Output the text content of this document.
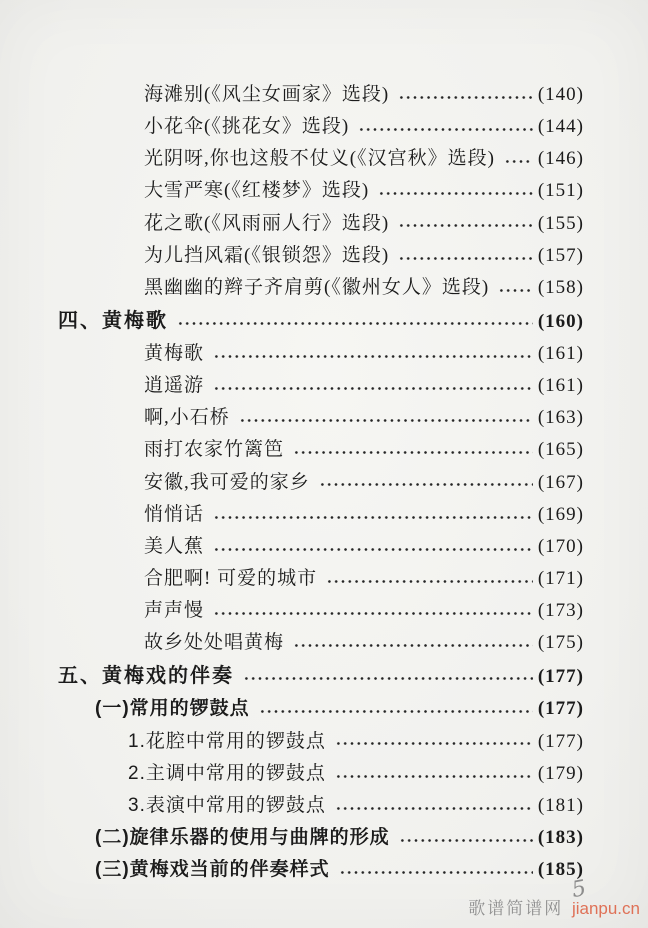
海滩别(《风尘女画家》选段)	(140)
小花伞(《挑花女》选段)	(144)
光阴呀,你也这般不仗义(《汉宫秋》选段) (146)
大雪严寒(《红楼梦》选段)	(151)
花之歌(《风雨丽人行》选段)	(155)
为儿挡风霜(《银锁怨》选段)	(157)
黑幽幽的辫子齐肩剪(《徽州女人》选段)	(158)
四、黄梅歌	(160)
黄梅歌	(161)
逍遥游	(161)
啊,小石桥	(163)
雨打农家竹篱笆	(165)
安徽,我可爱的家乡	(167)
悄悄话	(169)
美人蕉	(170)
合肥啊! 可爱的城市	(171)
声声慢	(173)
故乡处处唱黄梅	(175)
五、黄梅戏的伴奏	(177)
(一)常用的锣鼓点	(177)
1.花腔中常用的锣鼓点	(177)
2.主调中常用的锣鼓点	(179)
3.表演中常用的锣鼓点	(181)
(二)旋律乐器的使用与曲牌的形成	(183)
(三)黄梅戏当前的伴奏样式	(185)
5
歌谱简谱网 jianpu.cn
